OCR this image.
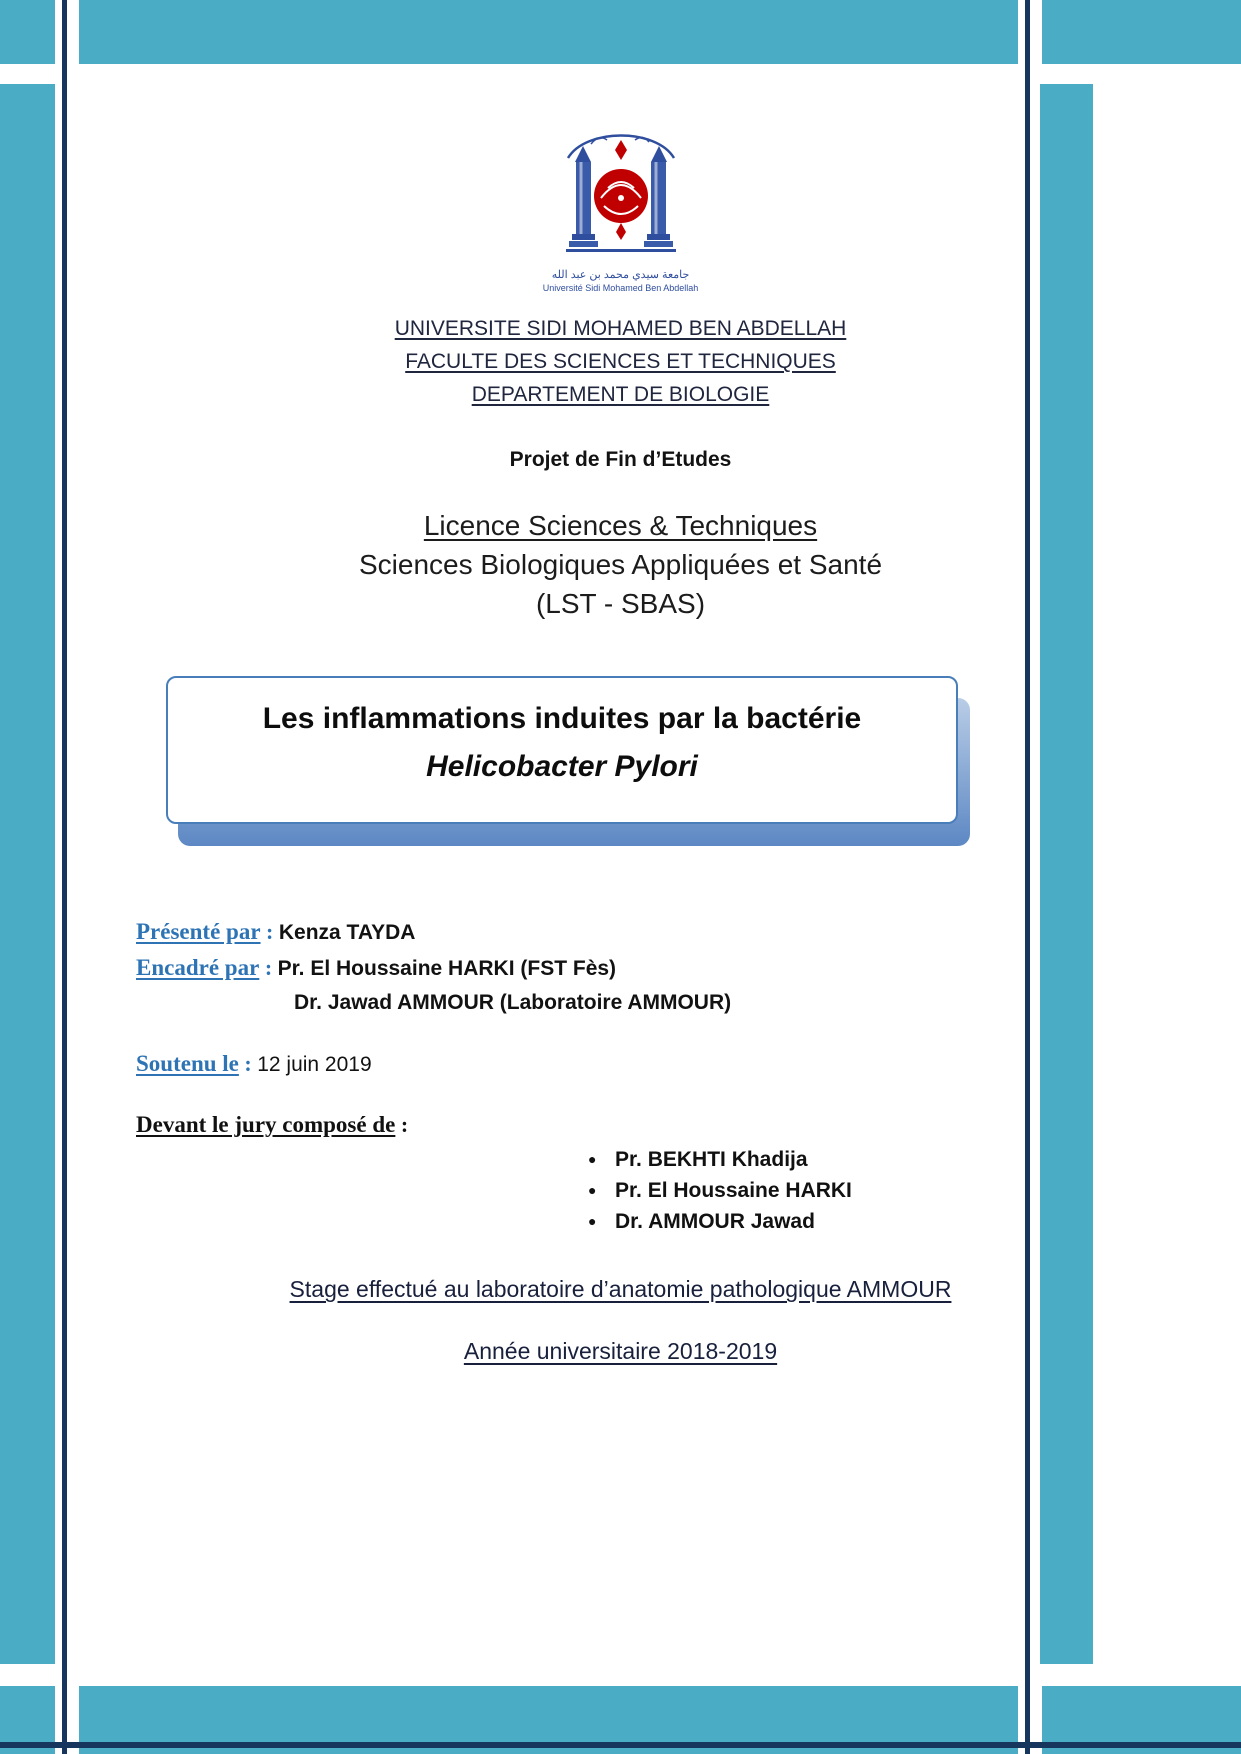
جامعة سيدي محمد بن عبد الله
Université Sidi Mohamed Ben Abdellah
UNIVERSITE SIDI MOHAMED BEN ABDELLAH
FACULTE DES SCIENCES ET TECHNIQUES
DEPARTEMENT DE BIOLOGIE
Projet de Fin d’Etudes
Licence Sciences & Techniques
Sciences Biologiques Appliquées et Santé
(LST - SBAS)
Les inflammations induites par la bactérie
Helicobacter Pylori

Présenté par : Kenza TAYDA

Encadré par : Pr. El Houssaine HARKI (FST Fès)

Dr. Jawad AMMOUR (Laboratoire AMMOUR)

Soutenu le : 12 juin 2019

Devant le jury composé de :

● Pr. BEKHTI Khadija
● Pr. El Houssaine HARKI
● Dr. AMMOUR Jawad
Stage effectué au laboratoire d’anatomie pathologique AMMOUR
Année universitaire 2018-2019
